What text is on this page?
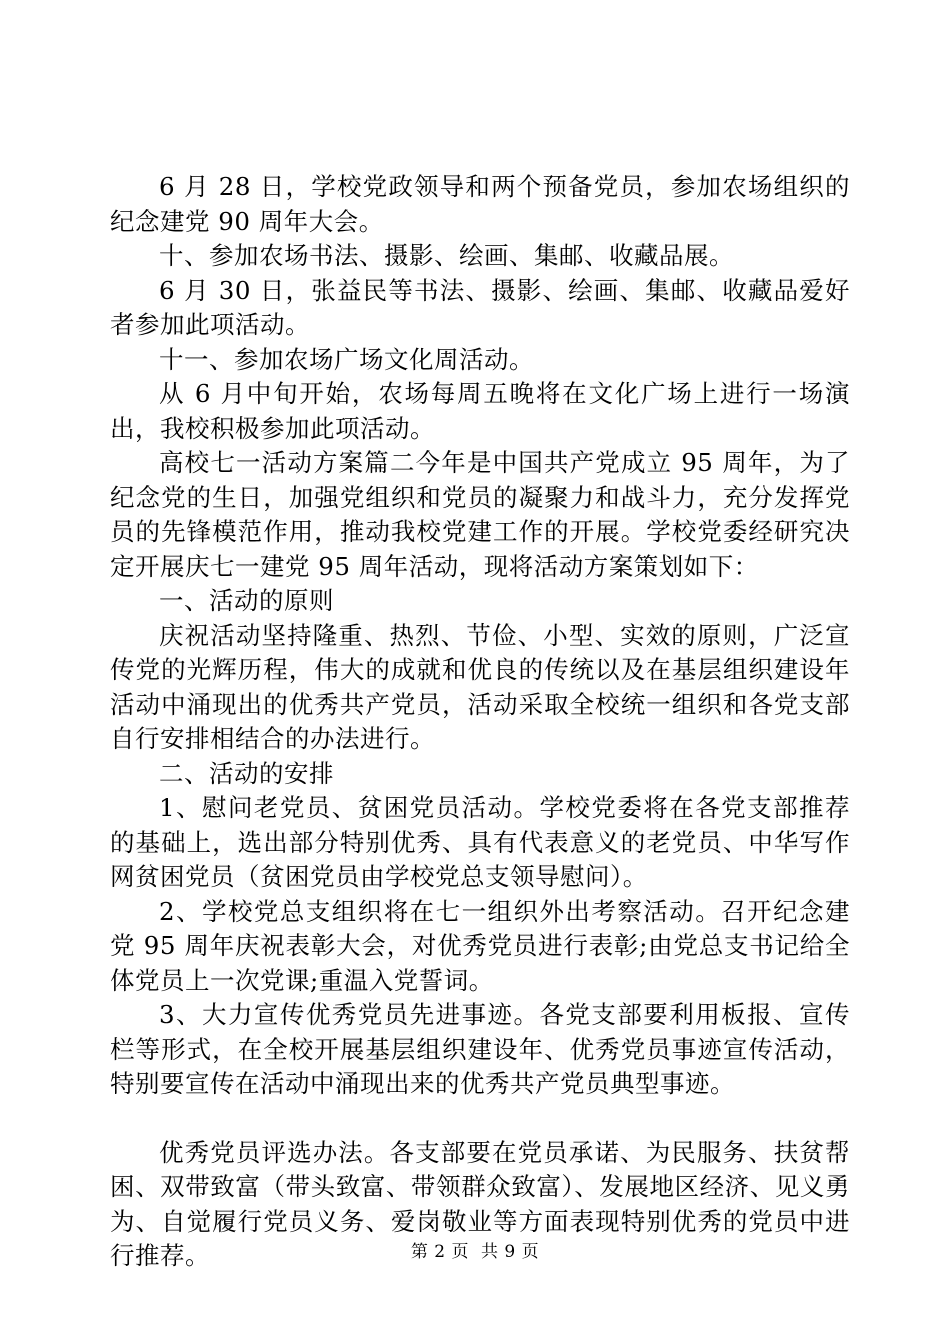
6 月 28 日，学校党政领导和两个预备党员，参加农场组织的纪念建党 90 周年大会。

十、参加农场书法、摄影、绘画、集邮、收藏品展。

6 月 30 日，张益民等书法、摄影、绘画、集邮、收藏品爱好者参加此项活动。

十一、参加农场广场文化周活动。

从 6 月中旬开始，农场每周五晚将在文化广场上进行一场演出，我校积极参加此项活动。

高校七一活动方案篇二今年是中国共产党成立 95 周年，为了纪念党的生日，加强党组织和党员的凝聚力和战斗力，充分发挥党员的先锋模范作用，推动我校党建工作的开展。学校党委经研究决定开展庆七一建党 95 周年活动，现将活动方案策划如下：

一、活动的原则

庆祝活动坚持隆重、热烈、节俭、小型、实效的原则，广泛宣传党的光辉历程，伟大的成就和优良的传统以及在基层组织建设年活动中涌现出的优秀共产党员，活动采取全校统一组织和各党支部自行安排相结合的办法进行。

二、活动的安排

1、慰问老党员、贫困党员活动。学校党委将在各党支部推荐的基础上，选出部分特别优秀、具有代表意义的老党员、中华写作网贫困党员（贫困党员由学校党总支领导慰问）。

2、学校党总支组织将在七一组织外出考察活动。召开纪念建党 95 周年庆祝表彰大会，对优秀党员进行表彰;由党总支书记给全体党员上一次党课;重温入党誓词。

3、大力宣传优秀党员先进事迹。各党支部要利用板报、宣传栏等形式，在全校开展基层组织建设年、优秀党员事迹宣传活动，特别要宣传在活动中涌现出来的优秀共产党员典型事迹。

优秀党员评选办法。各支部要在党员承诺、为民服务、扶贫帮困、双带致富（带头致富、带领群众致富）、发展地区经济、见义勇为、自觉履行党员义务、爱岗敬业等方面表现特别优秀的党员中进行推荐。	第 2 页 共 9 页
